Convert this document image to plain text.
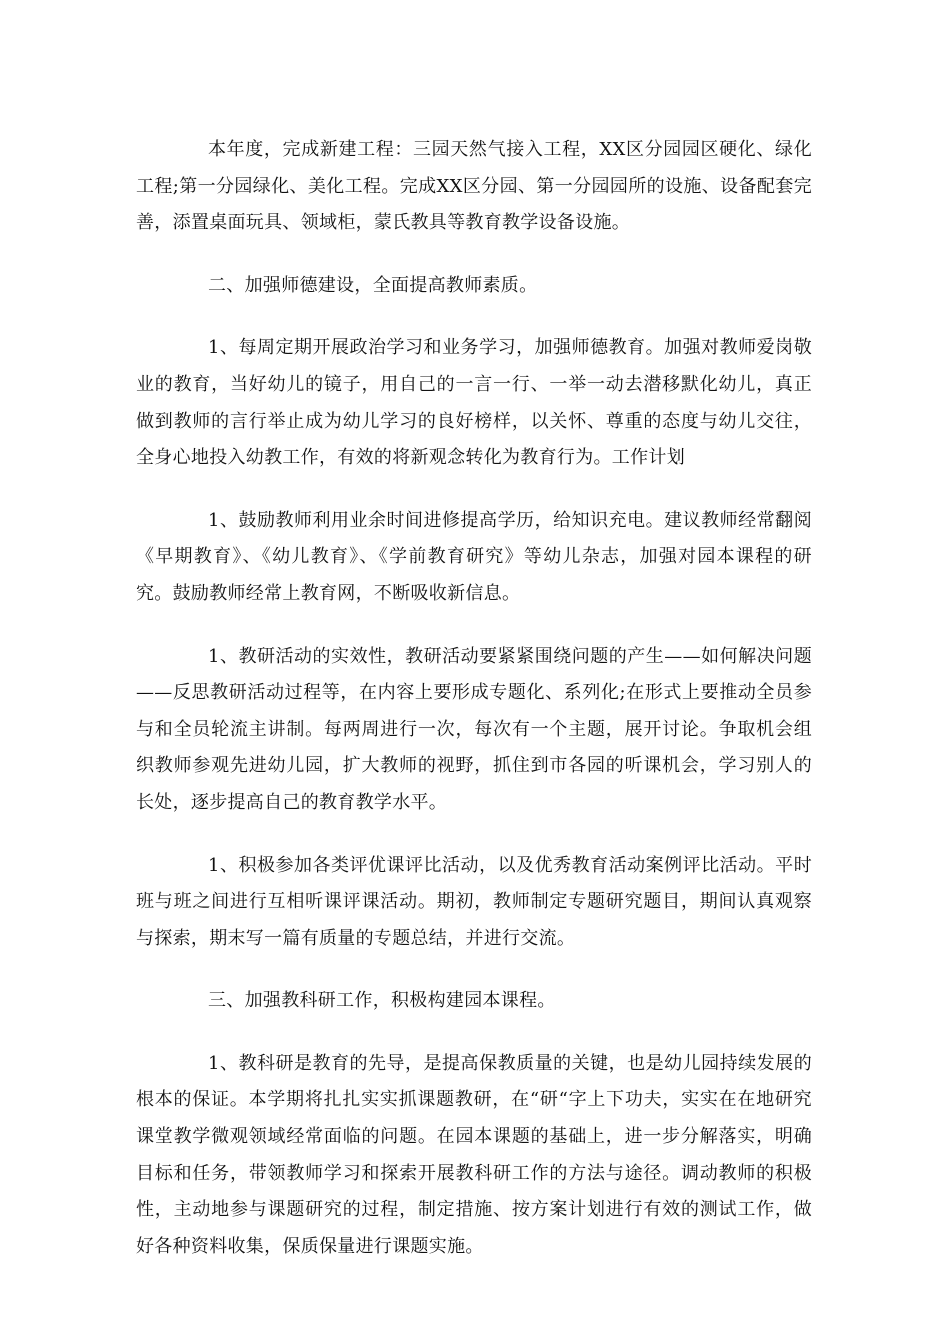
本年度，完成新建工程：三园天然气接入工程，XX区分园园区硬化、绿化工程;第一分园绿化、美化工程。完成XX区分园、第一分园园所的设施、设备配套完善，添置桌面玩具、领域柜，蒙氏教具等教育教学设备设施。

二、加强师德建设，全面提高教师素质。

1、每周定期开展政治学习和业务学习，加强师德教育。加强对教师爱岗敬业的教育，当好幼儿的镜子，用自己的一言一行、一举一动去潜移默化幼儿，真正做到教师的言行举止成为幼儿学习的良好榜样，以关怀、尊重的态度与幼儿交往，全身心地投入幼教工作，有效的将新观念转化为教育行为。工作计划

1、鼓励教师利用业余时间进修提高学历，给知识充电。建议教师经常翻阅《早期教育》、《幼儿教育》、《学前教育研究》等幼儿杂志，加强对园本课程的研究。鼓励教师经常上教育网，不断吸收新信息。

1、教研活动的实效性，教研活动要紧紧围绕问题的产生——如何解决问题——反思教研活动过程等，在内容上要形成专题化、系列化;在形式上要推动全员参与和全员轮流主讲制。每两周进行一次，每次有一个主题，展开讨论。争取机会组织教师参观先进幼儿园，扩大教师的视野，抓住到市各园的听课机会，学习别人的长处，逐步提高自己的教育教学水平。

1、积极参加各类评优课评比活动，以及优秀教育活动案例评比活动。平时班与班之间进行互相听课评课活动。期初，教师制定专题研究题目，期间认真观察与探索，期末写一篇有质量的专题总结，并进行交流。

三、加强教科研工作，积极构建园本课程。

1、教科研是教育的先导，是提高保教质量的关键，也是幼儿园持续发展的根本的保证。本学期将扎扎实实抓课题教研，在“研“字上下功夫，实实在在地研究课堂教学微观领域经常面临的问题。在园本课题的基础上，进一步分解落实，明确目标和任务，带领教师学习和探索开展教科研工作的方法与途径。调动教师的积极性，主动地参与课题研究的过程，制定措施、按方案计划进行有效的测试工作，做好各种资料收集，保质保量进行课题实施。
